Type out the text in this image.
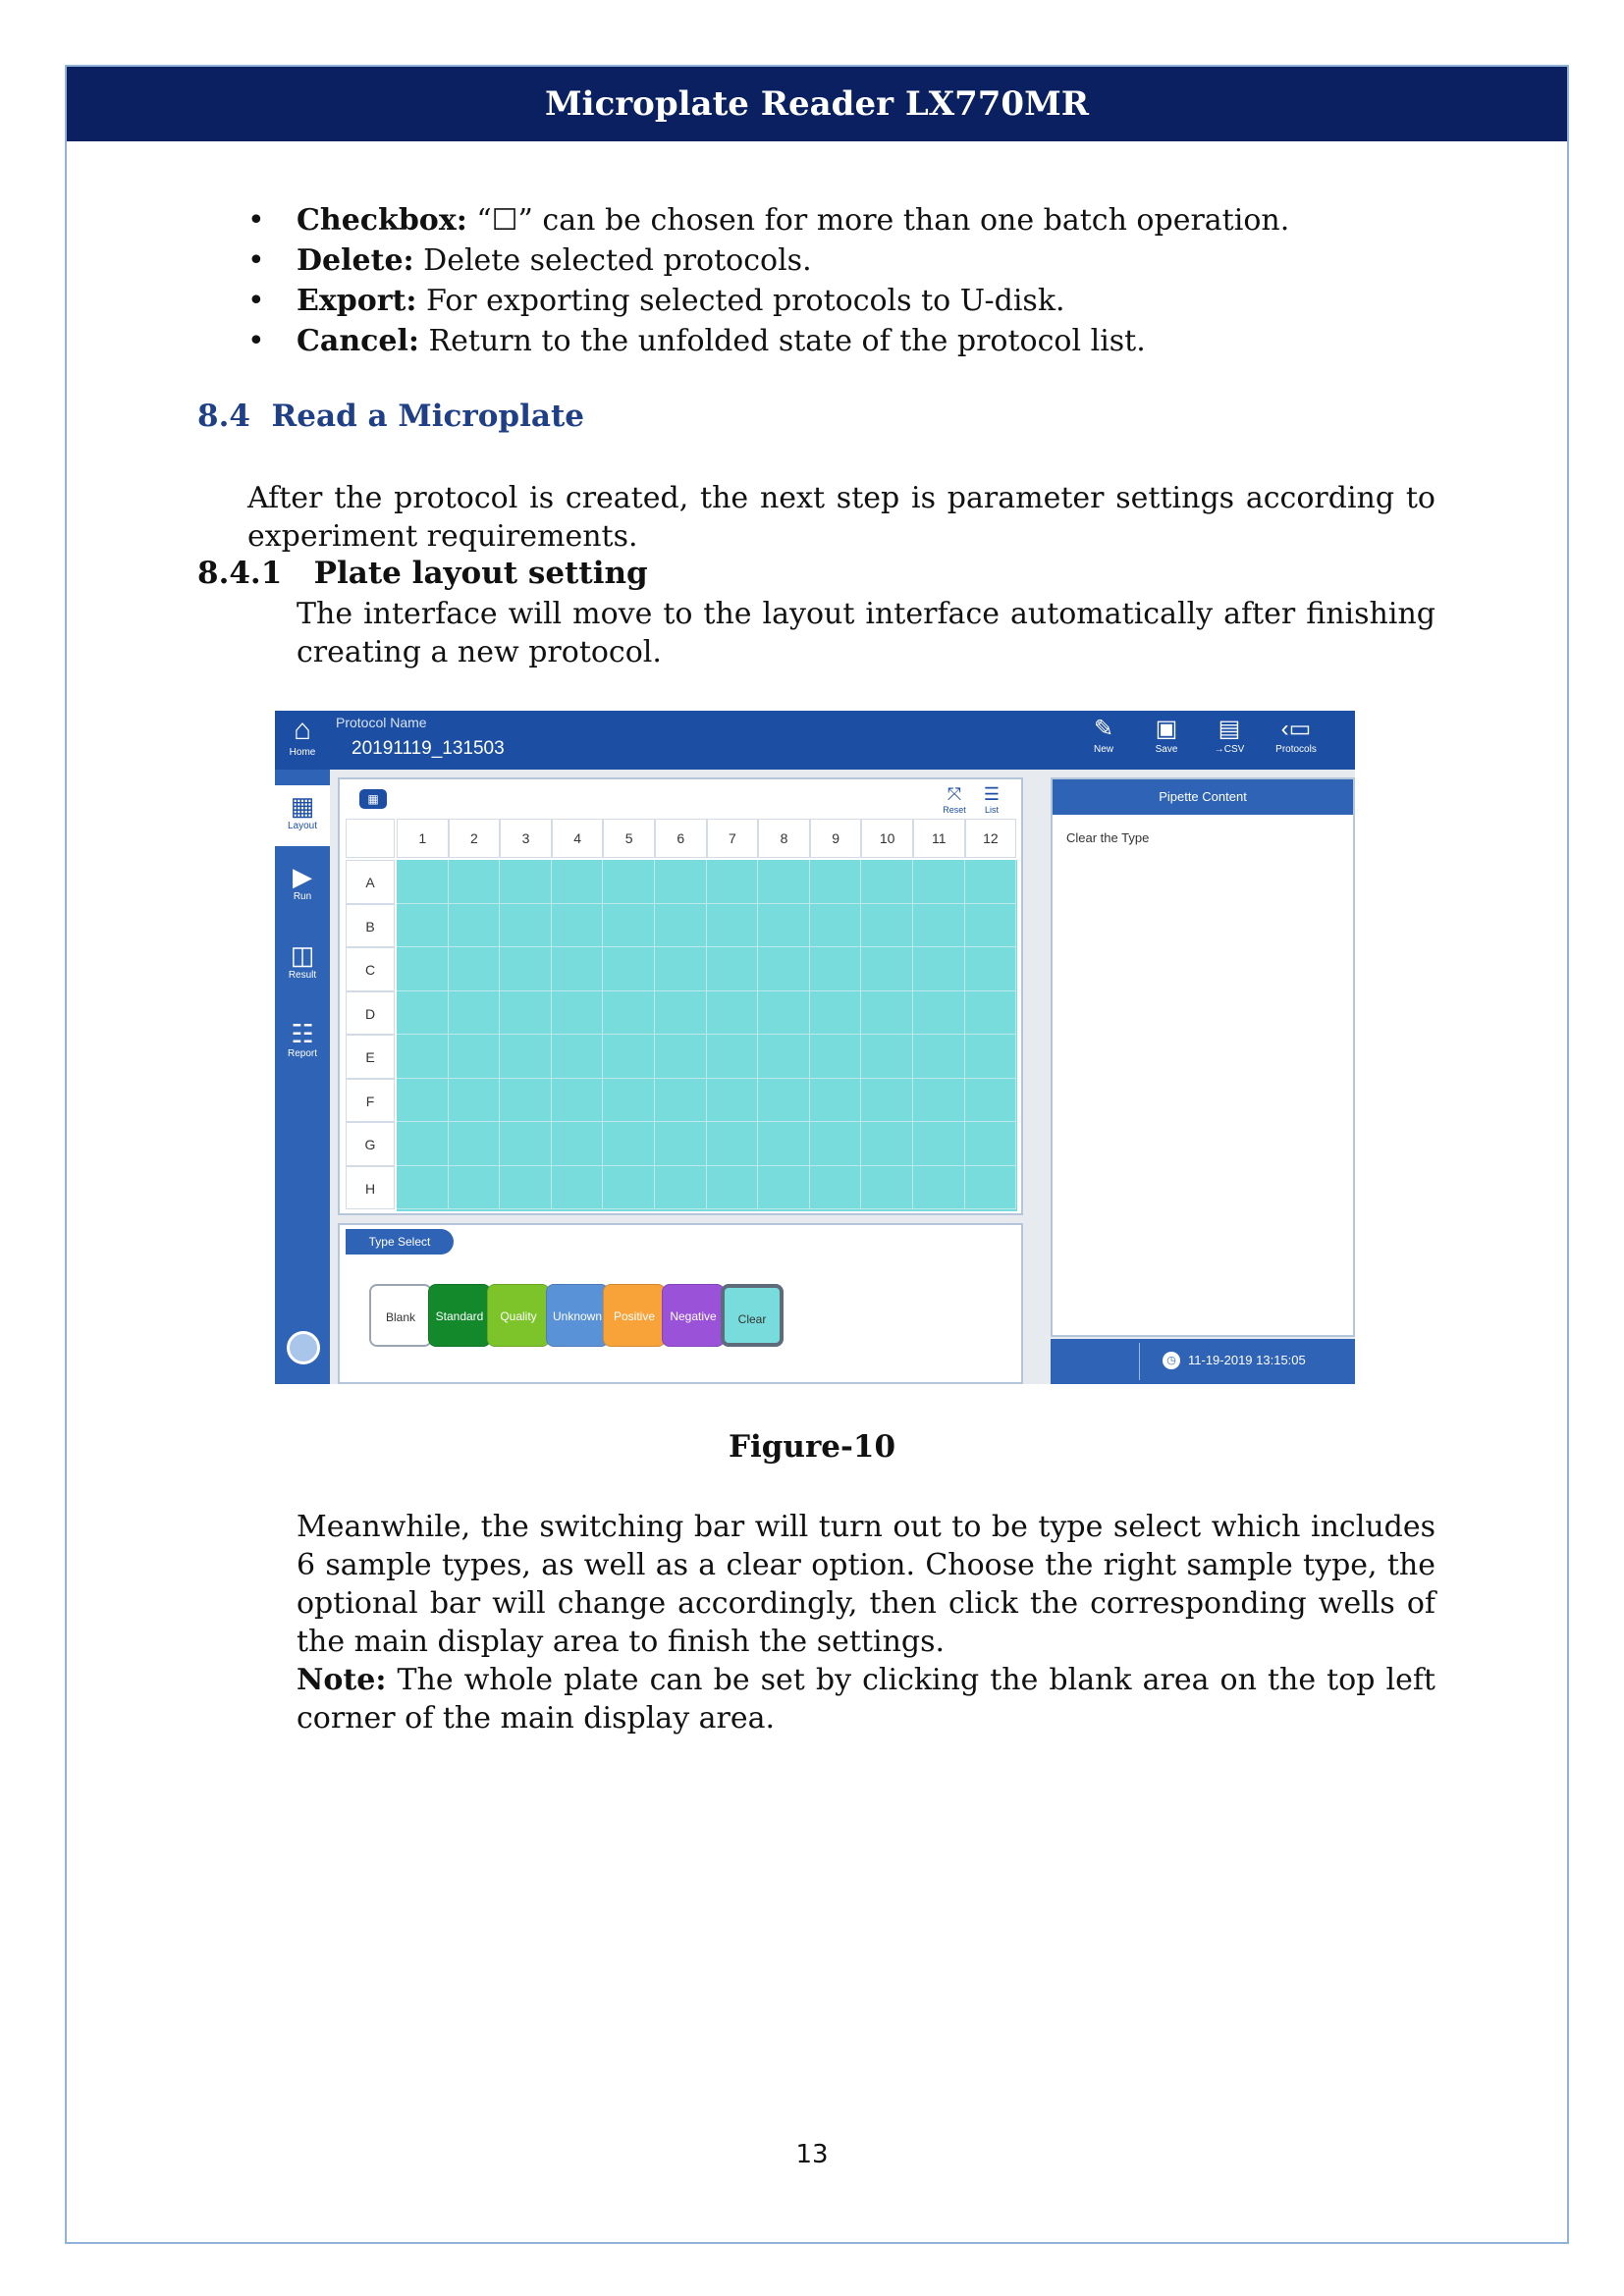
Microplate Reader LX770MR
• Checkbox: “☐” can be chosen for more than one batch operation.
• Delete: Delete selected protocols.
• Export: For exporting selected protocols to U-disk.
• Cancel: Return to the unfolded state of the protocol list.
8.4  Read a Microplate
After the protocol is created, the next step is parameter settings according to experiment requirements.
8.4.1   Plate layout setting
The interface will move to the layout interface automatically after finishing creating a new protocol.
⌂
Home
Protocol Name
20191119_131503
✎
New
▣
Save
▤
→CSV
‹▭
Protocols
▦
Layout
▶
Run
◫
Result
☷
Report
▦	⤧
Reset
☰
List
1	2	3	4	5	6	7	8	9	10	11	12
A
B
C
D
E
F
G
H
Type Select
Blank	Standard	Quality	Unknown Positive	Negative	Clear
Pipette Content
Clear the Type
◷ 11-19-2019 13:15:05
Figure-10
Meanwhile, the switching bar will turn out to be type select which includes 6 sample types, as well as a clear option. Choose the right sample type, the optional bar will change accordingly, then click the corresponding wells of the main display area to finish the settings.
Note: The whole plate can be set by clicking the blank area on the top left corner of the main display area.
13
